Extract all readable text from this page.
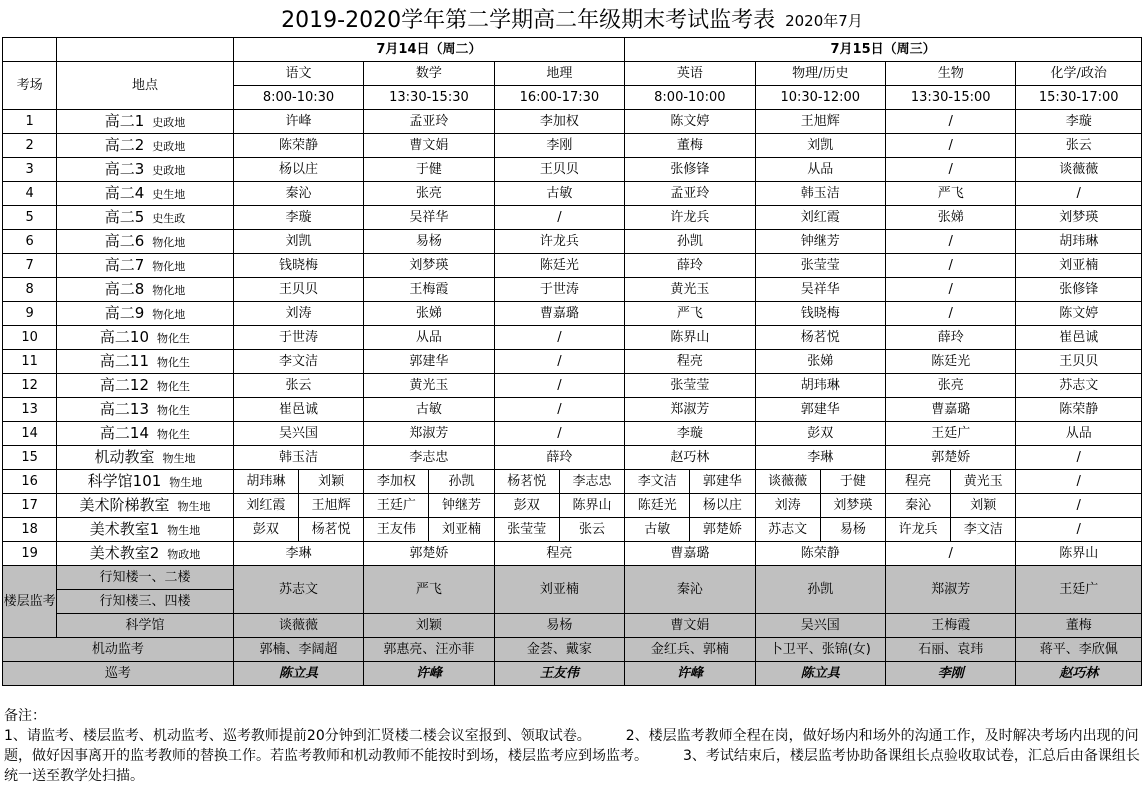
2019-2020学年第二学期高二年级期末考试监考表 2020年7月
		7月14日（周二）						7月15日（周三）						
考场	地点	语文		数学		地理		英语		物理/历史		生物		化学/政治
		8:00-10:30		13:30-15:30		16:00-17:30		8:00-10:00		10:30-12:00		13:30-15:00		15:30-17:00
1	高二1 史政地	许峰		孟亚玲		李加权		陈文婷		王旭辉		/		李璇
2	高二2 史政地	陈荣静		曹文娟		李刚		董梅		刘凯		/		张云
3	高二3 史政地	杨以庄		于健		王贝贝		张修锋		从品		/		谈薇薇
4	高二4 史生地	秦沁		张亮		古敏		孟亚玲		韩玉洁		严飞		/
5	高二5 史生政	李璇		吴祥华		/		许龙兵		刘红霞		张娣		刘梦瑛
6	高二6 物化地	刘凯		易杨		许龙兵		孙凯		钟继芳		/		胡玮琳
7	高二7 物化地	钱晓梅		刘梦瑛		陈廷光		薛玲		张莹莹		/		刘亚楠
8	高二8 物化地	王贝贝		王梅霞		于世涛		黄光玉		吴祥华		/		张修锋
9	高二9 物化地	刘涛		张娣		曹嘉璐		严飞		钱晓梅		/		陈文婷
10	高二10 物化生	于世涛		从品		/		陈界山		杨茗悦		薛玲		崔邑诚
11	高二11 物化生	李文洁		郭建华		/		程亮		张娣		陈廷光		王贝贝
12	高二12 物化生	张云		黄光玉		/		张莹莹		胡玮琳		张亮		苏志文
13	高二13 物化生	崔邑诚		古敏		/		郑淑芳		郭建华		曹嘉璐		陈荣静
14	高二14 物化生	吴兴国		郑淑芳		/		李璇		彭双		王廷广		从品
15	机动教室 物生地	韩玉洁		李志忠		薛玲		赵巧林		李琳		郭楚娇		/
16	科学馆101 物生地	胡玮琳	刘颖	李加权	孙凯	杨茗悦	李志忠	李文洁	郭建华	谈薇薇	于健	程亮	黄光玉	/
17	美术阶梯教室 物生地	刘红霞	王旭辉	王廷广	钟继芳	彭双	陈界山	陈廷光	杨以庄	刘涛	刘梦瑛	秦沁	刘颖	/
18	美术教室1 物生地	彭双	杨茗悦	王友伟	刘亚楠	张莹莹	张云	古敏	郭楚娇	苏志文	易杨	许龙兵	李文洁	/
19	美术教室2 物政地	李琳		郭楚娇		程亮		曹嘉璐		陈荣静		/		陈界山
楼层监考	行知楼一、二楼	苏志文		严飞		刘亚楠		秦沁		孙凯		郑淑芳		王廷广
	行知楼三、四楼													
	科学馆	谈薇薇		刘颖		易杨		曹文娟		吴兴国		王梅霞		董梅
机动监考		郭楠、李阔超		郭惠亮、汪亦菲		金荟、戴家		金红兵、郭楠		卜卫平、张锦(女)		石丽、袁玮		蒋平、李欣佩
巡考		陈立具		许峰		王友伟		许峰		陈立具		李刚		赵巧林

备注：

1、请监考、楼层监考、机动监考、巡考教师提前20分钟到汇贤楼二楼会议室报到、领取试卷。　　　2、楼层监考教师全程在岗，做好场内和场外的沟通工作，及时解决考场内出现的问题，做好因事离开的监考教师的替换工作。若监考教师和机动教师不能按时到场，楼层监考应到场监考。　　　3、考试结束后，楼层监考协助备课组长点验收取试卷，汇总后由备课组长统一送至教学处扫描。
